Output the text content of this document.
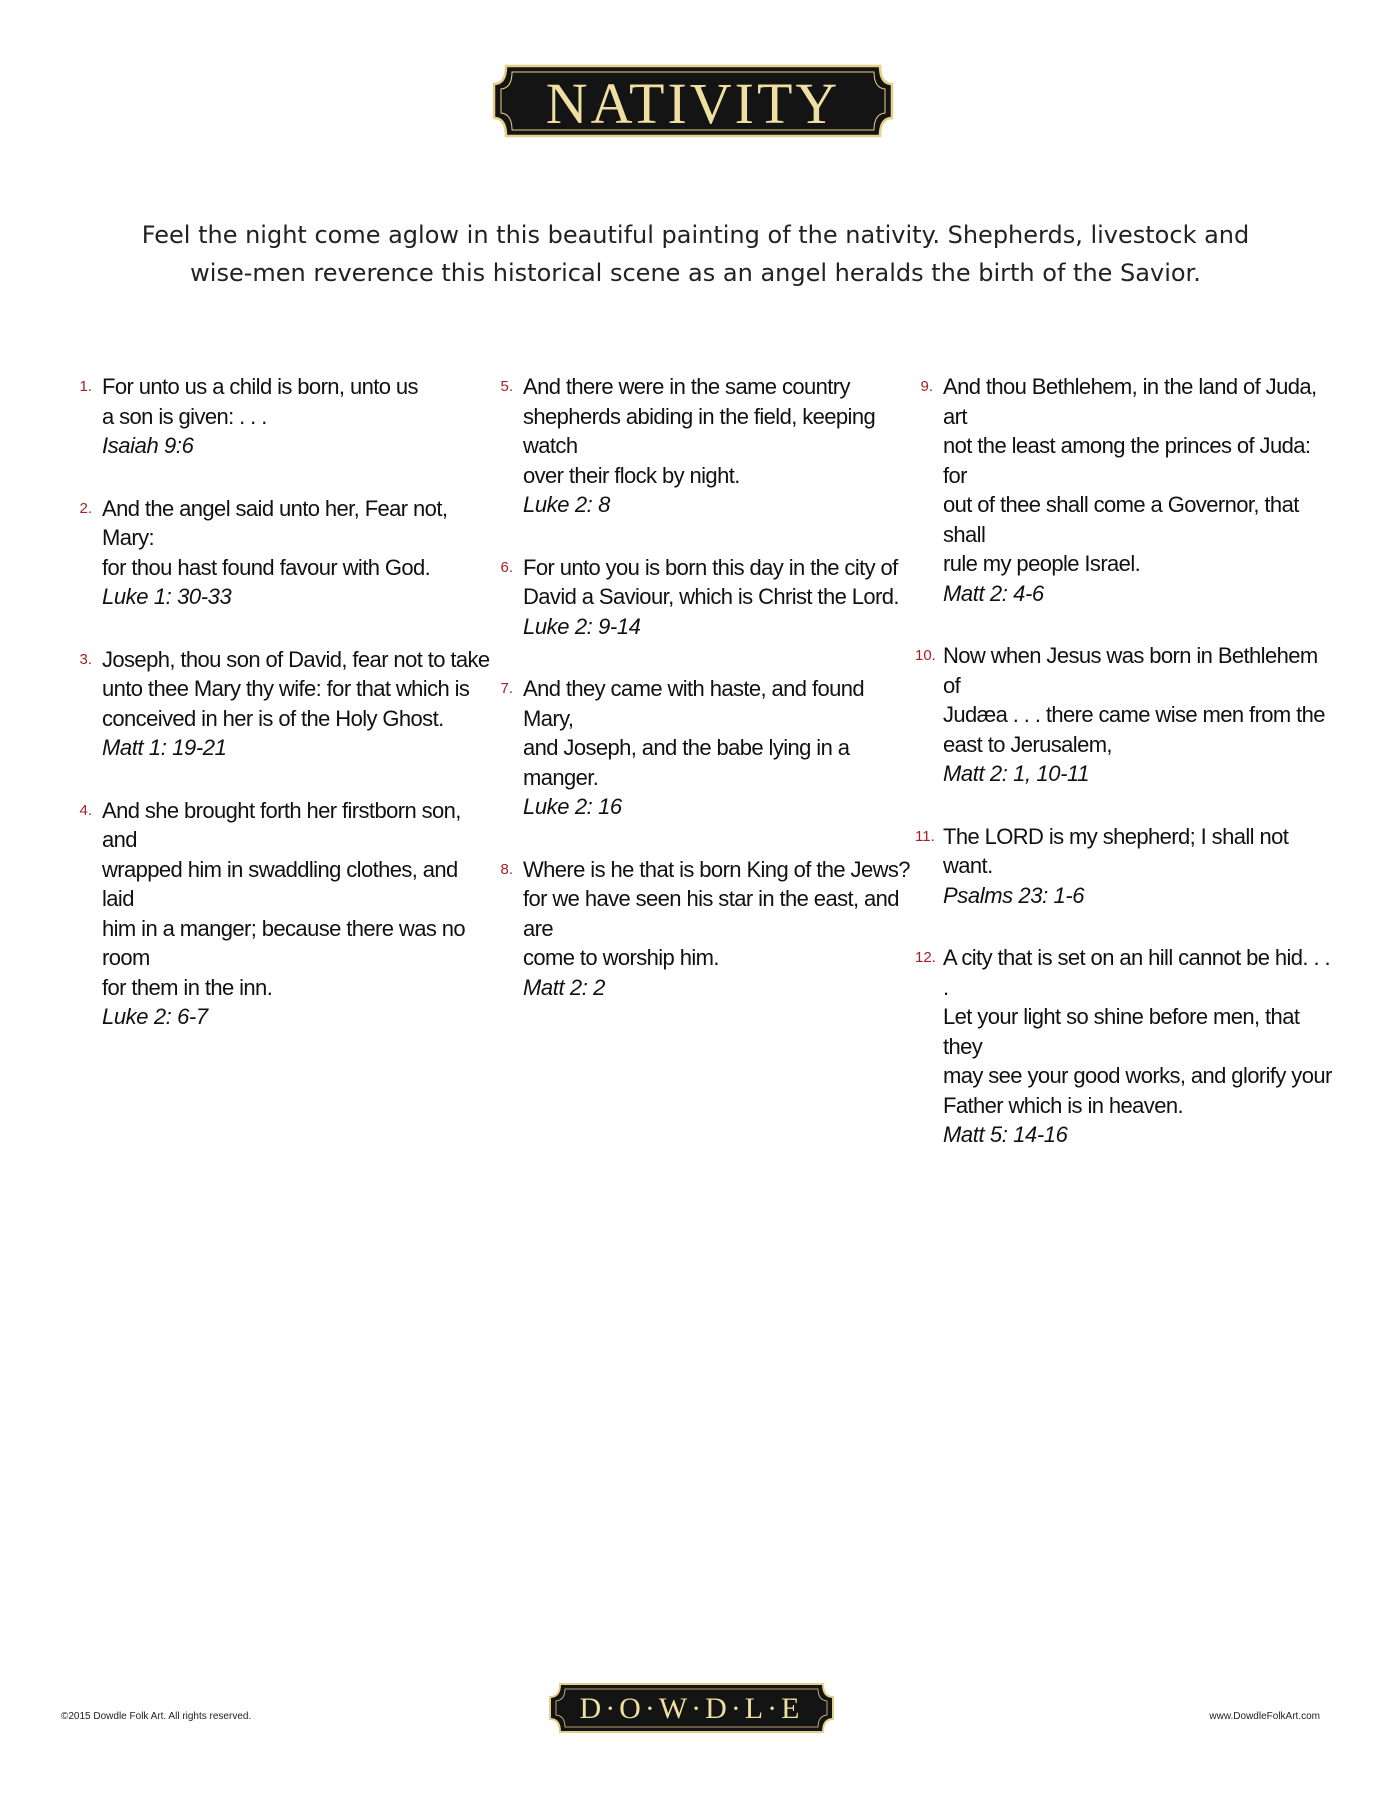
NATIVITY
Feel the night come aglow in this beautiful painting of the nativity. Shepherds, livestock and
wise-men reverence this historical scene as an angel heralds the birth of the Savior.
1. For unto us a child is born, unto us
a son is given: . . .
Isaiah 9:6
2. And the angel said unto her, Fear not, Mary:
for thou hast found favour with God.
Luke 1: 30-33
3. Joseph, thou son of David, fear not to take
unto thee Mary thy wife: for that which is
conceived in her is of the Holy Ghost.
Matt 1: 19-21
4. And she brought forth her firstborn son, and
wrapped him in swaddling clothes, and laid
him in a manger; because there was no room
for them in the inn.
Luke 2: 6-7
5. And there were in the same country
shepherds abiding in the field, keeping watch
over their flock by night.
Luke 2: 8
6. For unto you is born this day in the city of
David a Saviour, which is Christ the Lord.
Luke 2: 9-14
7. And they came with haste, and found Mary,
and Joseph, and the babe lying in a manger.
Luke 2: 16
8. Where is he that is born King of the Jews?
for we have seen his star in the east, and are
come to worship him.
Matt 2: 2
9. And thou Bethlehem, in the land of Juda, art
not the least among the princes of Juda: for
out of thee shall come a Governor, that shall
rule my people Israel.
Matt 2: 4-6
10. Now when Jesus was born in Bethlehem of
Judæa . . . there came wise men from the
east to Jerusalem,
Matt 2: 1, 10-11
11. The LORD is my shepherd; I shall not want.
Psalms 23: 1-6
12. A city that is set on an hill cannot be hid. . . .
Let your light so shine before men, that they
may see your good works, and glorify your
Father which is in heaven.
Matt 5: 14-16
©2015 Dowdle Folk Art. All rights reserved.	D·O·W·D·L·E	www.DowdleFolkArt.com
